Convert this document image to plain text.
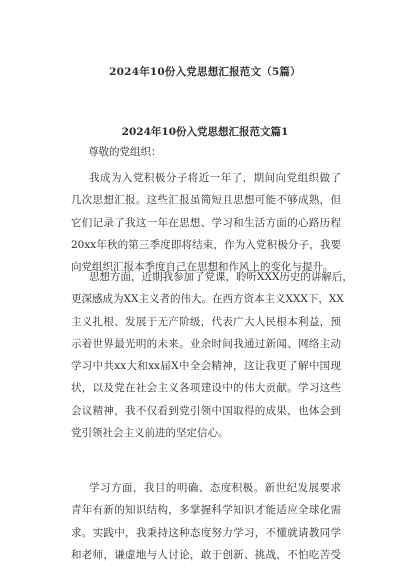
2024年10份入党思想汇报范文（5篇）
2024年10份入党思想汇报范文篇1
尊敬的党组织：
我成为入党积极分子将近一年了，期间向党组织做了
几次思想汇报。这些汇报虽简短且思想可能不够成熟，但
它们记录了我这一年在思想、学习和生活方面的心路历程
20xx年秋的第三季度即将结束，作为入党积极分子，我要
向党组织汇报本季度自己在思想和作风上的变化与提升。
思想方面，近期我参加了党课，聆听XXX历史的讲解后，
更深感成为XX主义者的伟大。在西方资本主义XXX下，XX
主义扎根、发展于无产阶级，代表广大人民根本利益，预
示着世界最光明的未来。业余时间我通过新闻、网络主动
学习中共xx大和xx届X中全会精神，这让我更了解中国现
状，以及党在社会主义各项建设中的伟大贡献。学习这些
会议精神，我不仅看到党引领中国取得的成果，也体会到
党引领社会主义前进的坚定信心。
学习方面，我目的明确、态度积极。新世纪发展要求
青年有新的知识结构，多掌握科学知识才能适应全球化需
求。实践中，我秉持这种态度努力学习，不懂就请教同学
和老师，谦虚地与人讨论，敢于创新、挑战，不怕吃苦受
